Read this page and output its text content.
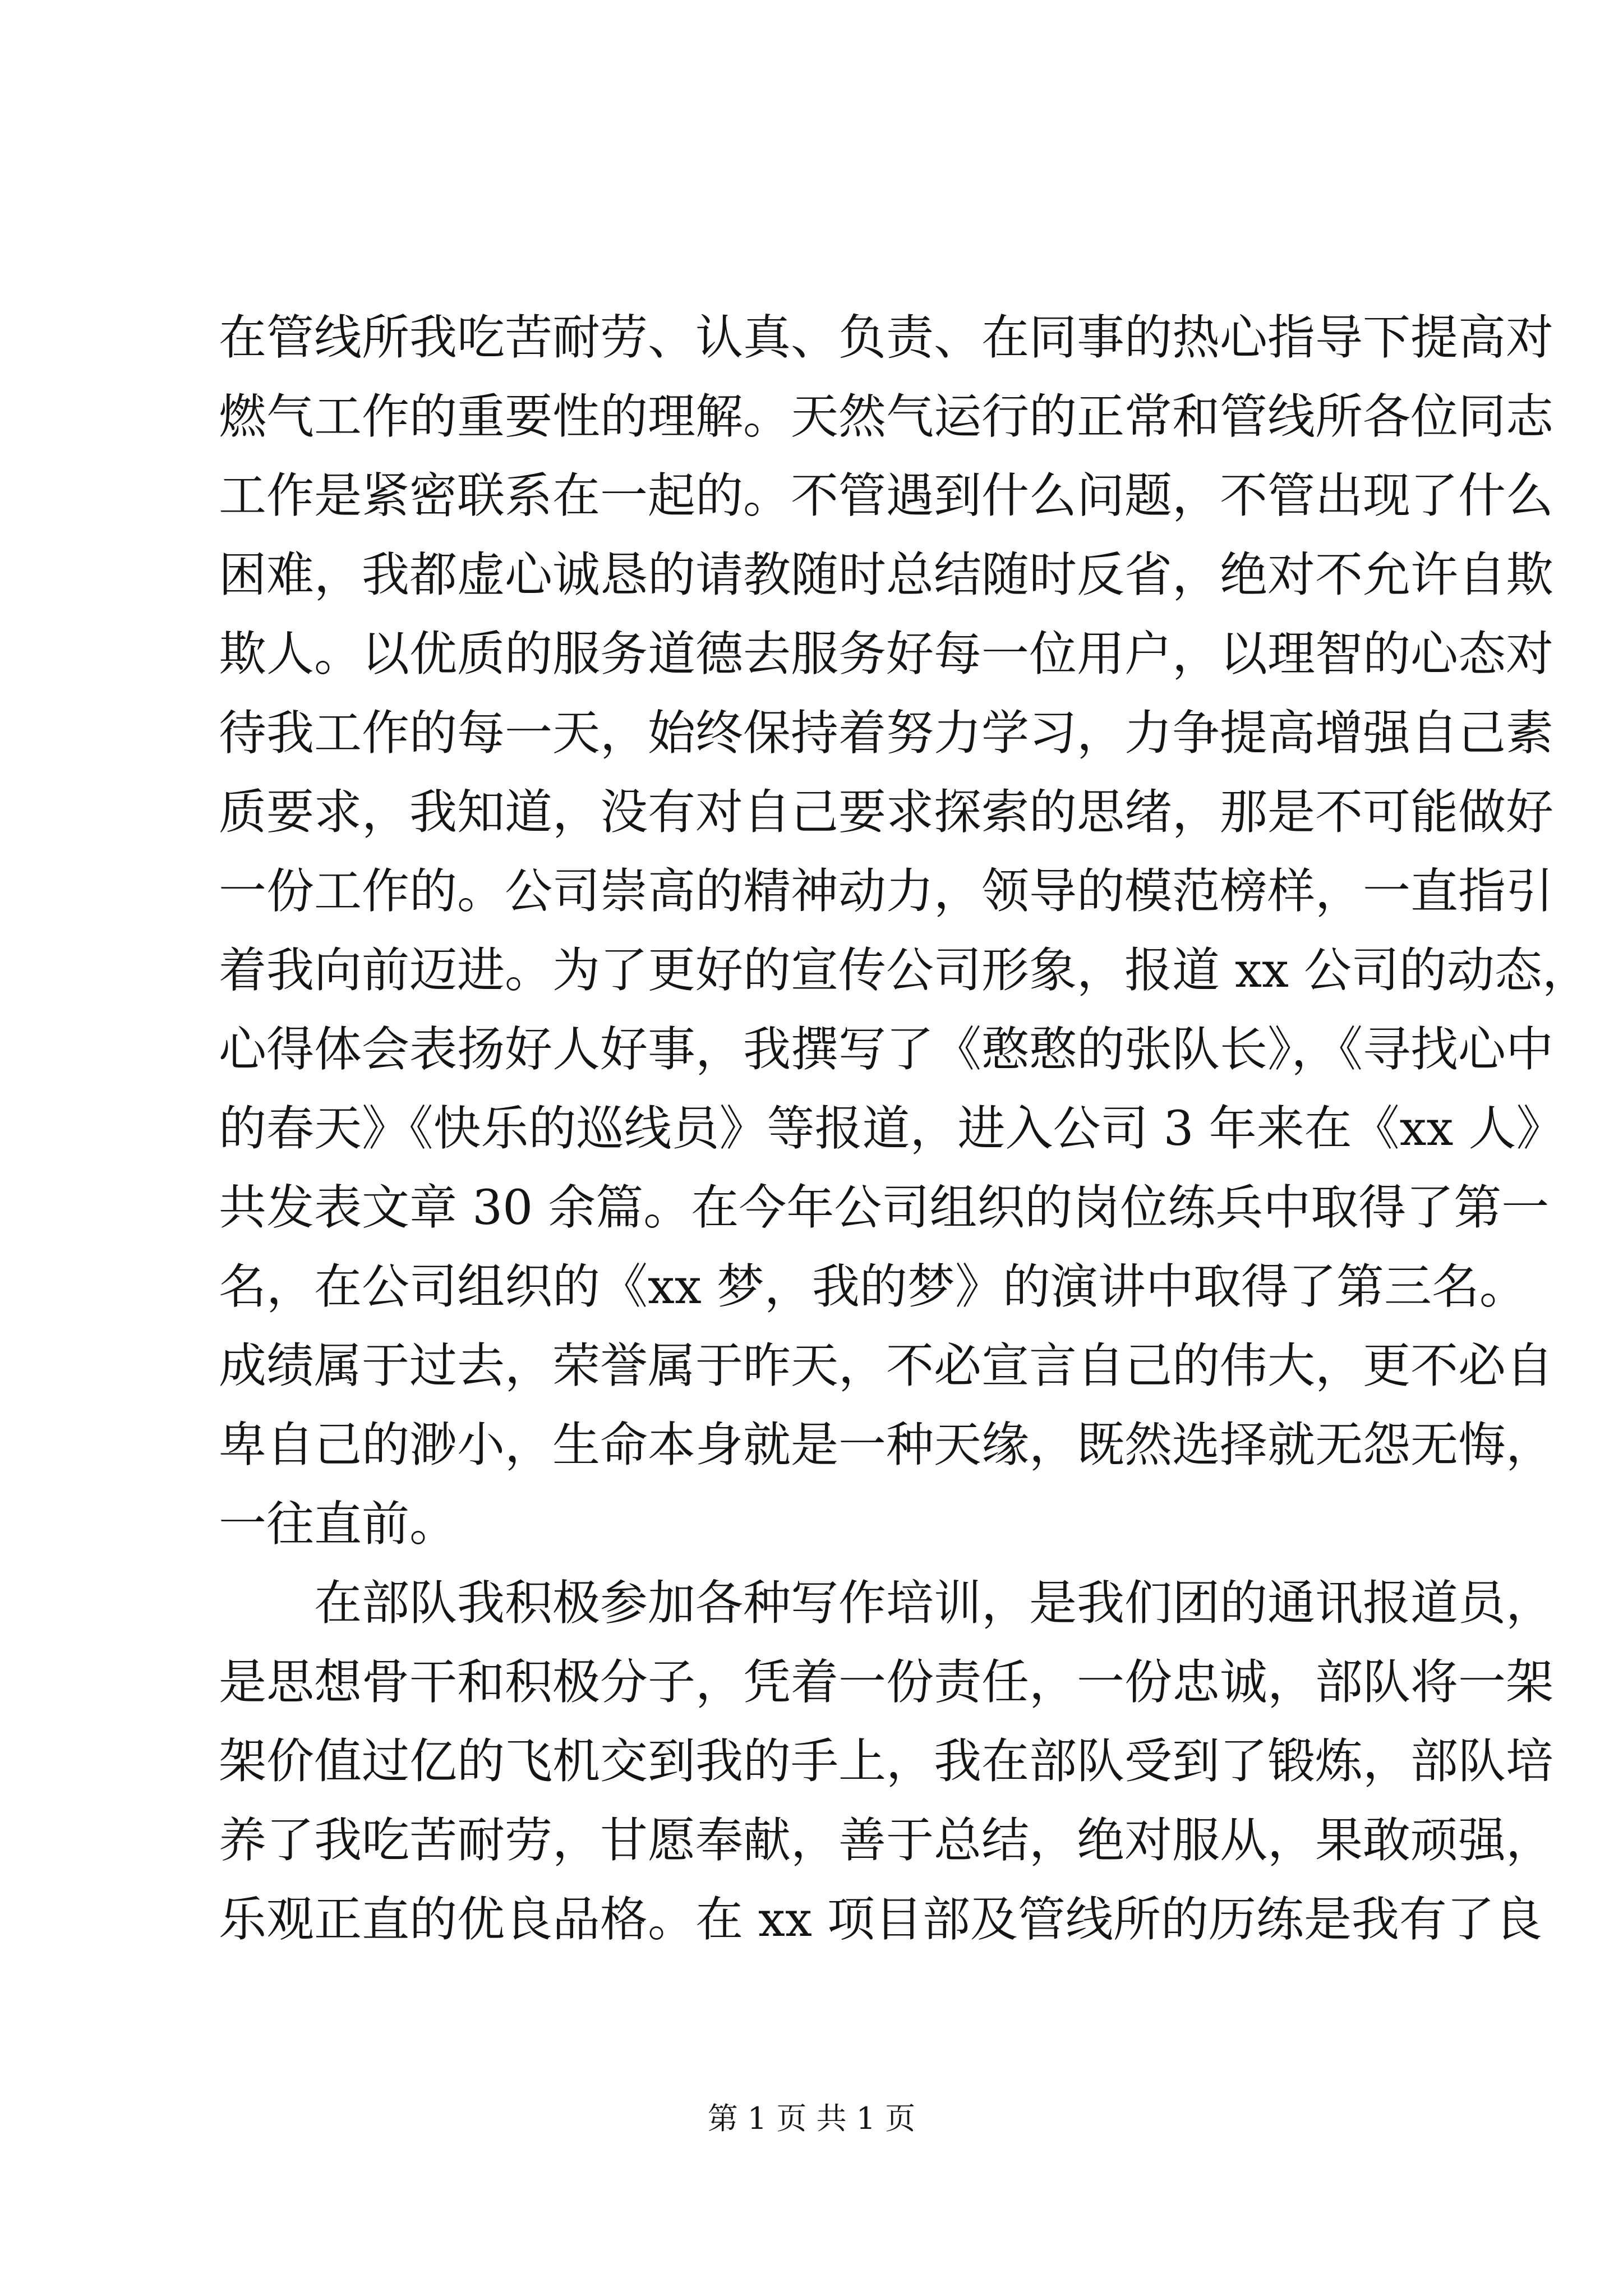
在管线所我吃苦耐劳、认真、负责、在同事的热心指导下提高对
燃气工作的重要性的理解。天然气运行的正常和管线所各位同志
工作是紧密联系在一起的。不管遇到什么问题，不管出现了什么
困难，我都虚心诚恳的请教随时总结随时反省，绝对不允许自欺
欺人。以优质的服务道德去服务好每一位用户，以理智的心态对
待我工作的每一天，始终保持着努力学习，力争提高增强自己素
质要求，我知道，没有对自己要求探索的思绪，那是不可能做好
一份工作的。公司崇高的精神动力，领导的模范榜样，一直指引
着我向前迈进。为了更好的宣传公司形象，报道 xx 公司的动态，
心得体会表扬好人好事，我撰写了《憨憨的张队长》，《寻找心中
的春天》《快乐的巡线员》等报道，进入公司 3 年来在《xx 人》
共发表文章 30 余篇。在今年公司组织的岗位练兵中取得了第一
名，在公司组织的《xx 梦，我的梦》的演讲中取得了第三名。
成绩属于过去，荣誉属于昨天，不必宣言自己的伟大，更不必自
卑自己的渺小，生命本身就是一种天缘，既然选择就无怨无悔，
一往直前。
在部队我积极参加各种写作培训，是我们团的通讯报道员，
是思想骨干和积极分子，凭着一份责任，一份忠诚，部队将一架
架价值过亿的飞机交到我的手上，我在部队受到了锻炼，部队培
养了我吃苦耐劳，甘愿奉献，善于总结，绝对服从，果敢顽强，
乐观正直的优良品格。在 xx 项目部及管线所的历练是我有了良
第 1 页 共 1 页
